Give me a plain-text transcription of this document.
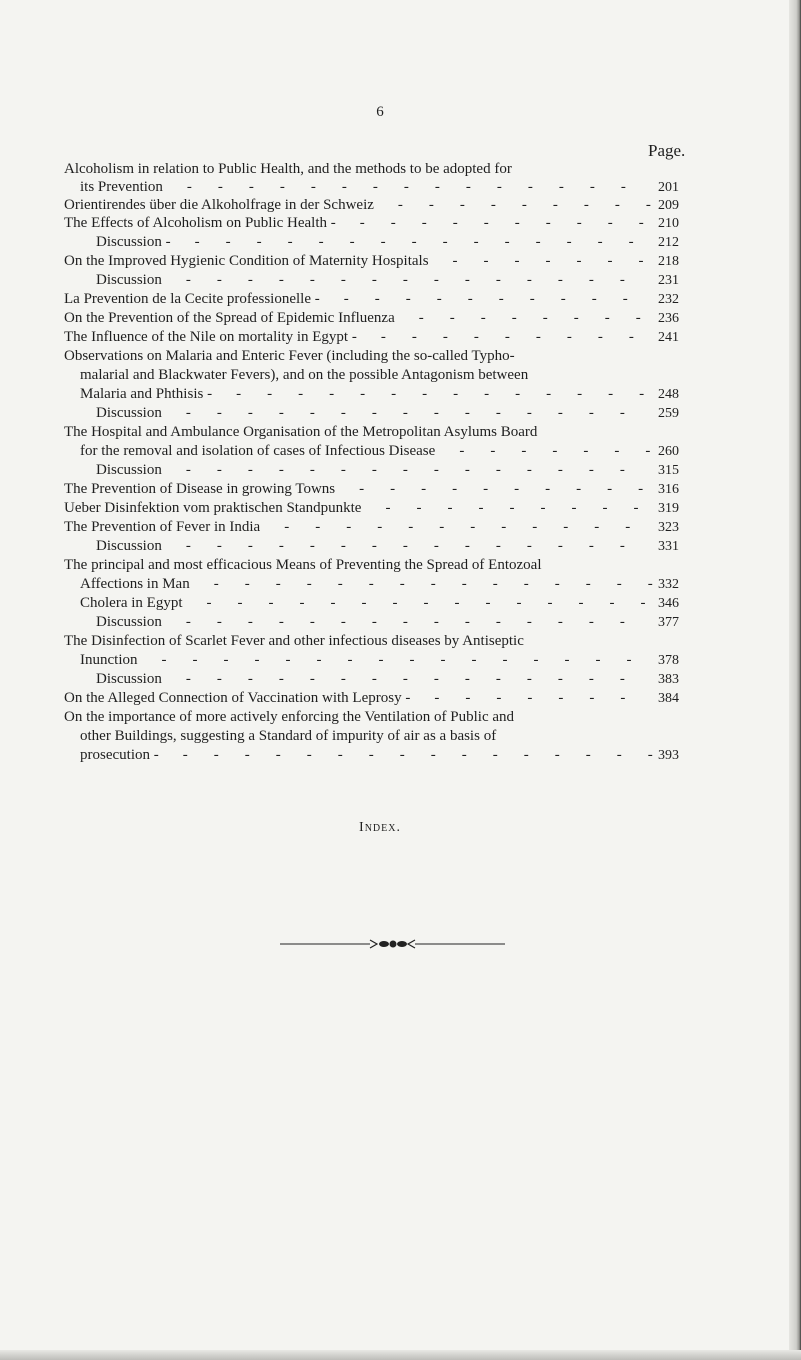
6
Page.
Alcoholism in relation to Public Health, and the methods to be adopted for
its Prevention - - - - - - - - - - - - - - - 201
Orientirendes über die Alkoholfrage in der Schweiz - - - - - - - - - 209
The Effects of Alcoholism on Public Health - - - - - - - - - - - 210
Discussion - - - - - - - - - - - - - - - - 212
On the Improved Hygienic Condition of Maternity Hospitals - - - - - - - 218
Discussion - - - - - - - - - - - - - - - 231
La Prevention de la Cecite professionelle - - - - - - - - - - - 232
On the Prevention of the Spread of Epidemic Influenza - - - - - - - - 236
The Influence of the Nile on mortality in Egypt - - - - - - - - - - 241
Observations on Malaria and Enteric Fever (including the so-called Typho-
malarial and Blackwater Fevers), and on the possible Antagonism between
Malaria and Phthisis - - - - - - - - - - - - - - - 248
Discussion - - - - - - - - - - - - - - - 259
The Hospital and Ambulance Organisation of the Metropolitan Asylums Board
for the removal and isolation of cases of Infectious Disease - - - - - - - 260
Discussion - - - - - - - - - - - - - - - 315
The Prevention of Disease in growing Towns - - - - - - - - - - 316
Ueber Disinfektion vom praktischen Standpunkte - - - - - - - - - 319
The Prevention of Fever in India - - - - - - - - - - - - 323
Discussion - - - - - - - - - - - - - - - 331
The principal and most efficacious Means of Preventing the Spread of Entozoal
Affections in Man - - - - - - - - - - - - - - - 332
Cholera in Egypt - - - - - - - - - - - - - - - 346
Discussion - - - - - - - - - - - - - - - 377
The Disinfection of Scarlet Fever and other infectious diseases by Antiseptic
Inunction - - - - - - - - - - - - - - - - 378
Discussion - - - - - - - - - - - - - - - 383
On the Alleged Connection of Vaccination with Leprosy - - - - - - - - 384
On the importance of more actively enforcing the Ventilation of Public and
other Buildings, suggesting a Standard of impurity of air as a basis of
prosecution - - - - - - - - - - - - - - - - - 393
Index.
